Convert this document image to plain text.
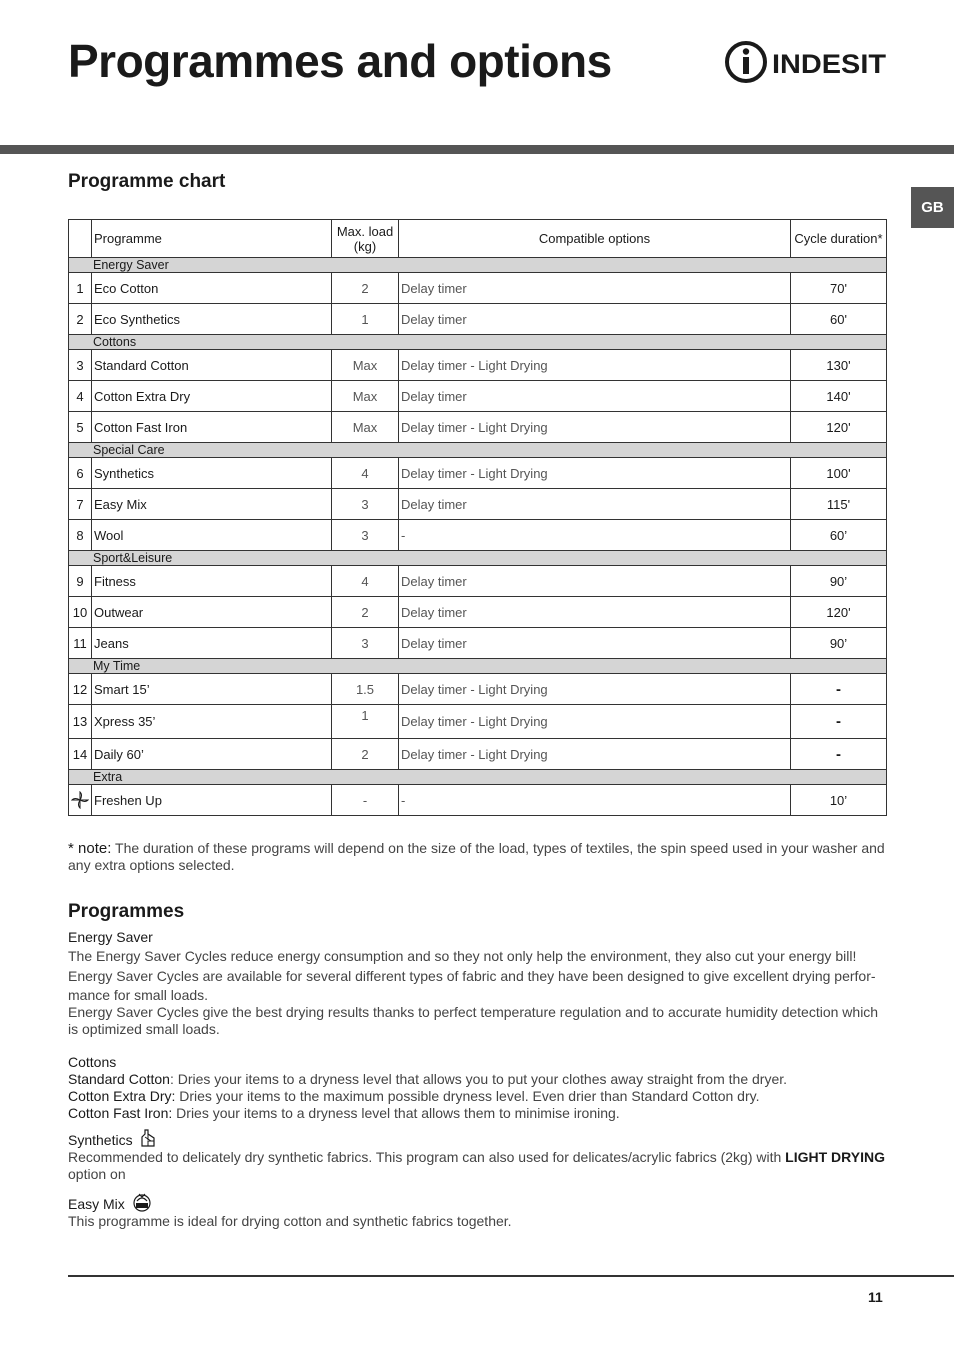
Programmes and options	INDESIT
GB
Programme chart
	Programme	Max. load (kg)	Compatible options	Cycle duration*
Energy Saver				
1	Eco Cotton	2	Delay timer	70'
2	Eco Synthetics	1	Delay timer	60'
Cottons				
3	Standard Cotton	Max	Delay timer - Light Drying	130'
4	Cotton Extra Dry	Max	Delay timer	140'
5	Cotton Fast Iron	Max	Delay timer - Light Drying	120'
Special Care				
6	Synthetics	4	Delay timer - Light Drying	100'
7	Easy Mix	3	Delay timer	115'
8	Wool	3	-	60’
Sport&Leisure				
9	Fitness	4	Delay timer	90’
10	Outwear	2	Delay timer	120'
11	Jeans	3	Delay timer	90’
My Time				
12	Smart 15’	1.5	Delay timer - Light Drying	-
13	Xpress 35’	1	Delay timer - Light Drying	-
14	Daily 60’	2	Delay timer - Light Drying	-
Extra				

	Freshen Up	-	-	10’
* note: The duration of these programs will depend on the size of the load, types of textiles, the spin speed used in your washer and any extra options selected.
Programmes
Energy Saver
The Energy Saver Cycles reduce energy consumption and so they not only help the environment, they also cut your energy bill!
Energy Saver Cycles are available for several different types of fabric and they have been designed to give excellent drying perfor-
mance for small loads.
Energy Saver Cycles give the best drying results thanks to perfect temperature regulation and to accurate humidity detection which is optimized small loads.
Cottons
Standard Cotton: Dries your items to a dryness level that allows you to put your clothes away straight from the dryer.
Cotton Extra Dry: Dries your items to the maximum possible dryness level. Even drier than Standard Cotton dry.
Cotton Fast Iron: Dries your items to a dryness level that allows them to minimise ironing.
Synthetics
Recommended to delicately dry synthetic fabrics. This program can also used for delicates/acrylic fabrics (2kg) with LIGHT DRYING option on
Easy Mix
This programme is ideal for drying cotton and synthetic fabrics together.
11
